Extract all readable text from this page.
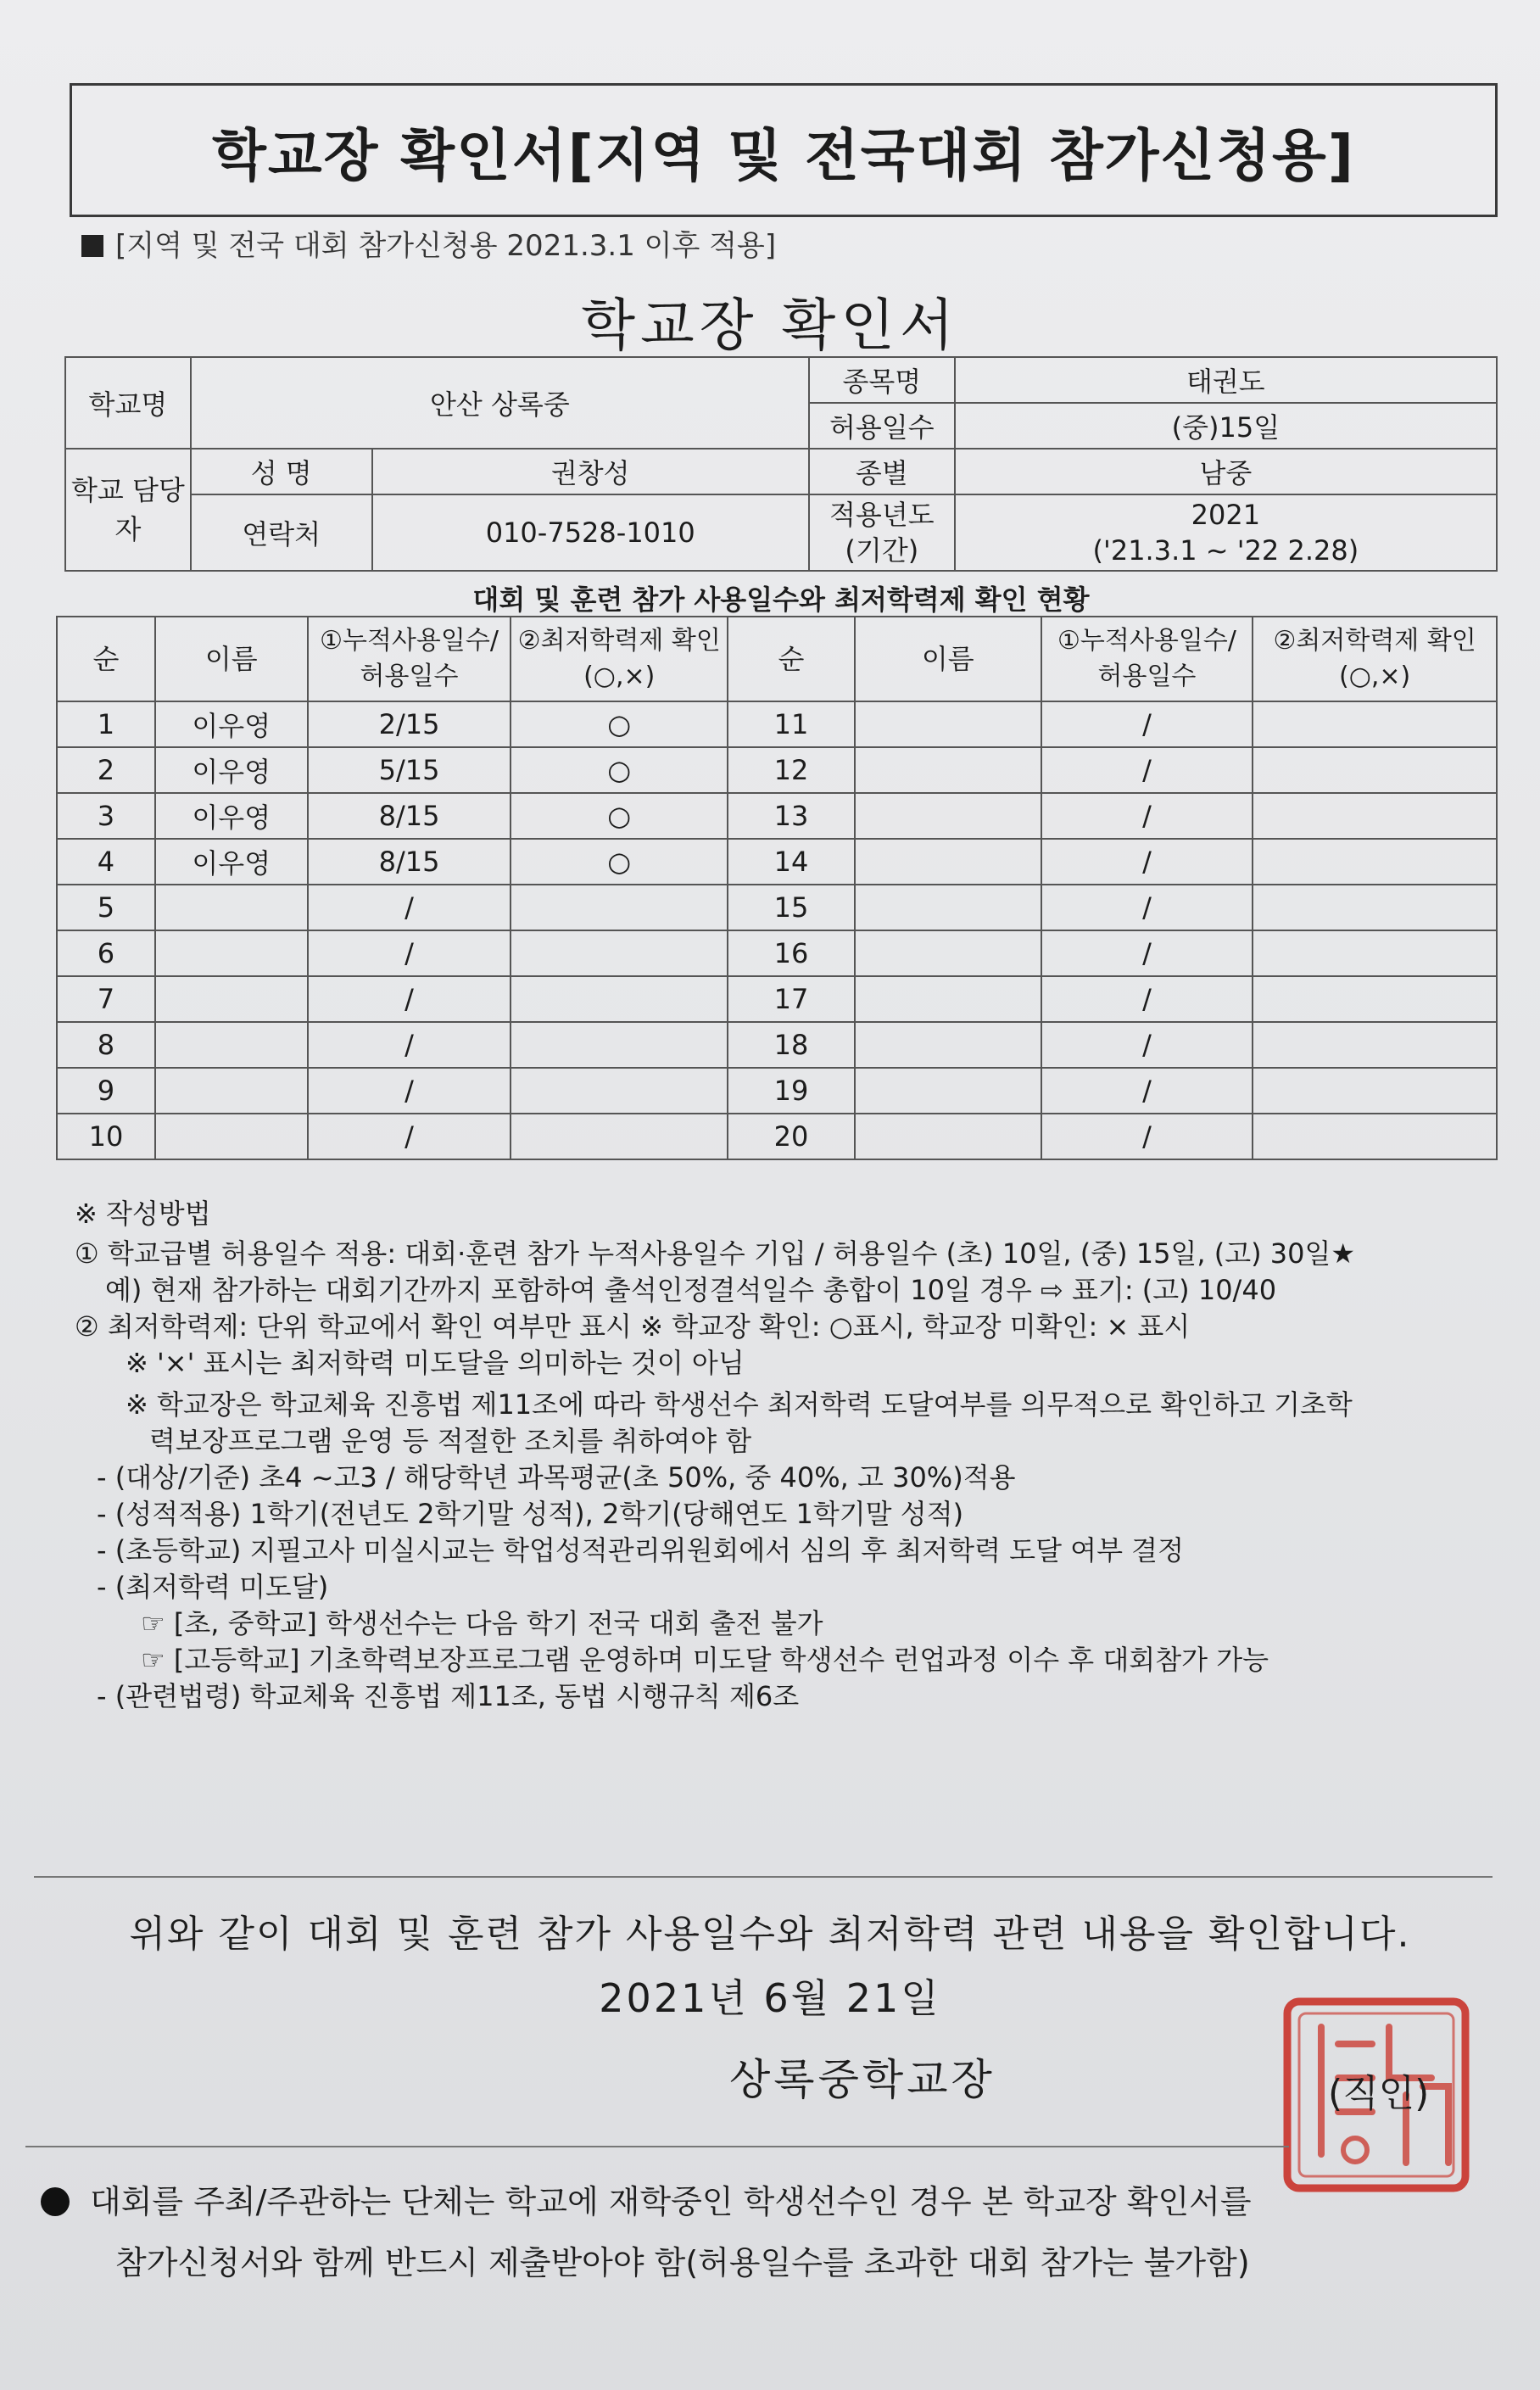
학교장 확인서[지역 및 전국대회 참가신청용]
[지역 및 전국 대회 참가신청용 2021.3.1 이후 적용]
학교장 확인서
학교명	안산 상록중		종목명	태권도
			허용일수	(중)15일
학교 담당자	성 명	권창성	종별	남중
	연락처	010-7528-1010	적용년도 (기간)	2021
('21.3.1 ~ '22 2.28)
대회 및 훈련 참가 사용일수와 최저학력제 확인 현황
순	이름	①누적사용일수/ 허용일수	②최저학력제 확인(○,×)	순	이름	①누적사용일수/ 허용일수	②최저학력제 확인(○,×)
1	이우영	2/15	○	11		/	
2	이우영	5/15	○	12		/	
3	이우영	8/15	○	13		/	
4	이우영	8/15	○	14		/	
5		/		15		/	
6		/		16		/	
7		/		17		/	
8		/		18		/	
9		/		19		/	
10		/		20		/	
※ 작성방법
① 학교급별 허용일수 적용: 대회·훈련 참가 누적사용일수 기입 / 허용일수 (초) 10일, (중) 15일, (고) 30일★
예) 현재 참가하는 대회기간까지 포함하여 출석인정결석일수 총합이 10일 경우 ⇨ 표기: (고) 10/40
② 최저학력제: 단위 학교에서 확인 여부만 표시 ※ 학교장 확인: ○표시, 학교장 미확인: × 표시
※ '×' 표시는 최저학력 미도달을 의미하는 것이 아님
※ 학교장은 학교체육 진흥법 제11조에 따라 학생선수 최저학력 도달여부를 의무적으로 확인하고 기초학
력보장프로그램 운영 등 적절한 조치를 취하여야 함
- (대상/기준) 초4 ~고3 / 해당학년 과목평균(초 50%, 중 40%, 고 30%)적용
- (성적적용) 1학기(전년도 2학기말 성적), 2학기(당해연도 1학기말 성적)
- (초등학교) 지필고사 미실시교는 학업성적관리위원회에서 심의 후 최저학력 도달 여부 결정
- (최저학력 미도달)
☞ [초, 중학교] 학생선수는 다음 학기 전국 대회 출전 불가
☞ [고등학교] 기초학력보장프로그램 운영하며 미도달 학생선수 런업과정 이수 후 대회참가 가능
- (관련법령) 학교체육 진흥법 제11조, 동법 시행규칙 제6조
위와 같이 대회 및 훈련 참가 사용일수와 최저학력 관련 내용을 확인합니다.
2021년 6월 21일
상록중학교장	(직인)
대회를 주최/주관하는 단체는 학교에 재학중인 학생선수인 경우 본 학교장 확인서를
참가신청서와 함께 반드시 제출받아야 함(허용일수를 초과한 대회 참가는 불가함)
